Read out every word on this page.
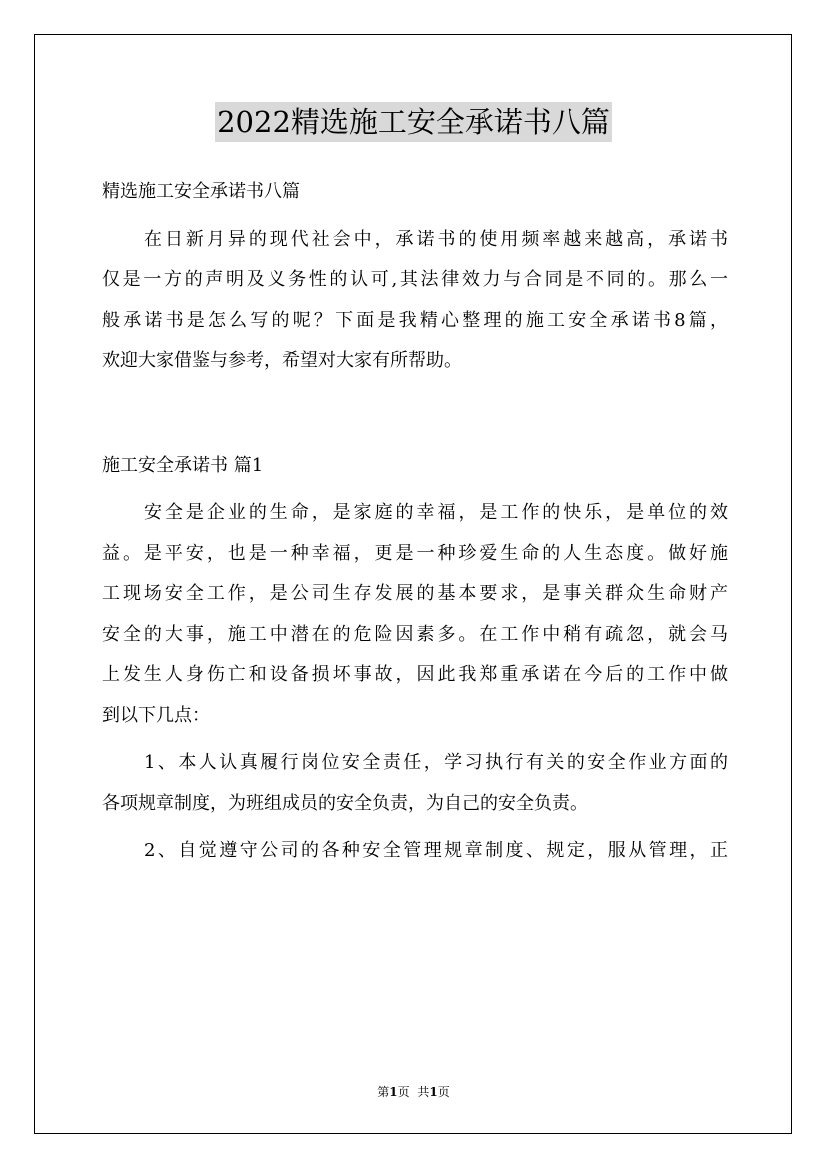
2022精选施工安全承诺书八篇
精选施工安全承诺书八篇
在日新月异的现代社会中，承诺书的使用频率越来越高，承诺书
仅是一方的声明及义务性的认可,其法律效力与合同是不同的。那么一
般承诺书是怎么写的呢？下面是我精心整理的施工安全承诺书8篇，
欢迎大家借鉴与参考，希望对大家有所帮助。
施工安全承诺书 篇1
安全是企业的生命，是家庭的幸福，是工作的快乐，是单位的效
益。是平安，也是一种幸福，更是一种珍爱生命的人生态度。做好施
工现场安全工作，是公司生存发展的基本要求，是事关群众生命财产
安全的大事，施工中潜在的危险因素多。在工作中稍有疏忽，就会马
上发生人身伤亡和设备损坏事故，因此我郑重承诺在今后的工作中做
到以下几点：
1、本人认真履行岗位安全责任，学习执行有关的安全作业方面的
各项规章制度，为班组成员的安全负责，为自己的安全负责。
2、自觉遵守公司的各种安全管理规章制度、规定，服从管理，正
第1页 共1页
